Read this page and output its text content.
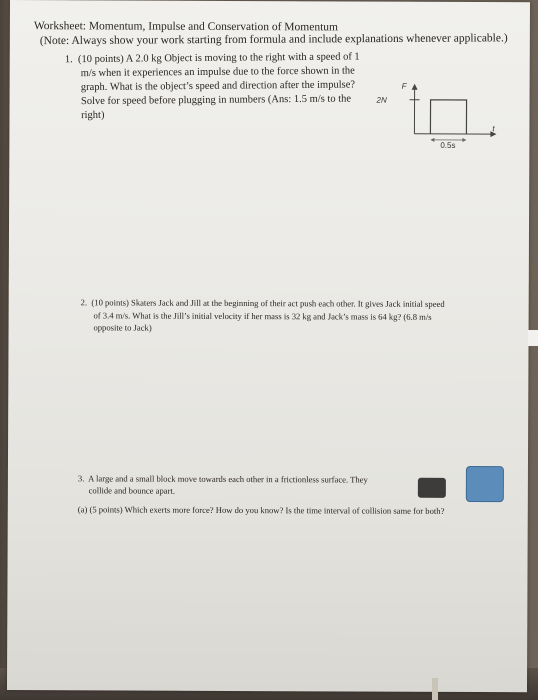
Worksheet: Momentum, Impulse and Conservation of Momentum
(Note: Always show your work starting from formula and include explanations whenever applicable.)
1.  (10 points) A 2.0 kg Object is moving to the right with a speed of 1
m/s when it experiences an impulse due to the force shown in the
graph. What is the object’s speed and direction after the impulse?
Solve for speed before plugging in numbers (Ans: 1.5 m/s to the
right)
F
2N
0.5s
t
2.  (10 points) Skaters Jack and Jill at the beginning of their act push each other. It gives Jack initial speed
of 3.4 m/s. What is the Jill’s initial velocity if her mass is 32 kg and Jack’s mass is 64 kg? (6.8 m/s
opposite to Jack)
3.  A large and a small block move towards each other in a frictionless surface. They
collide and bounce apart.
(a) (5 points) Which exerts more force? How do you know? Is the time interval of collision same for both?
